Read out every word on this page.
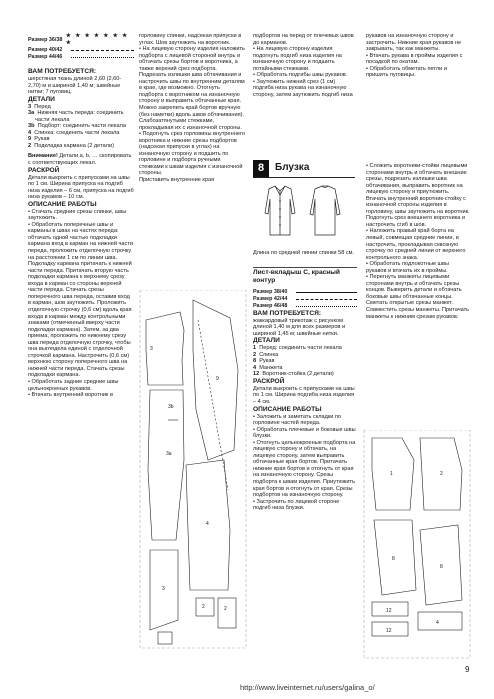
Размер 36/38
★ ★ ★ ★ ★ ★ ★ ★
Размер 40/42
Размер 44/46

ВАМ ПОТРЕБУЕТСЯ:

шерстяная ткань длиной 2,60 (2,60-2,70) м и шириной 1,40 м; швейные нитки; 7 пуговиц.

ДЕТАЛИ

3 Перед

3a Нижняя часть переда: соединить части лекала

3b Подборт: соединить части лекала

4 Спинка: соединить части лекала

9 Рукав

2 Подкладка кармана (2 детали)

Внимание! Детали а, b, … скопировать с соответствующих лекал.

РАСКРОЙ

Детали выкроить с припусками на швы по 1 см. Ширина припуска на подгиб низа изделия – 6 см, припуска на подгиб низа рукавов – 10 см.

ОПИСАНИЕ РАБОТЫ

• Стачать средние срезы спинки, швы заутюжить.

• Обработать поперечные швы и карманы в швах на частях переда: обтачать одной частью подкладки кармана вход в карман на нижней части переда, проложить отделочную строчку на расстоянии 1 см по линии шва. Подкладку кармана притачать к нижней части переда. Притачать вторую часть подкладки кармана к верхнему срезу входа в карман со стороны верхней части переда. Стачать срезы поперечного шва переда, оставив вход в карман, шов заутюжить. Проложить отделочную строчку (0,6 см) вдоль края входа в карман между контрольными знаками (отмеченный вверху части подкладки кармана). Затем, за два приема, проложить по нижнему срезу шва переда отделочную строчку, чтобы она выглядела единой с отделочной строчкой кармана. Настрочить (0,6 см) верхнюю сторону поперечного шва на нижней части переда. Стачать срезы подкладки кармана.

• Обработать задние средние швы цельнокроеных рукавов.

• Втачать внутренний воротник в

горловину спинки, надсекая припуски в углах. Шов заутюжить на воротник.

• На лицевую сторону изделия наложить подборта с лицевой стороной внутрь и обтачать срезы бортов и воротника, а также верхний срез подборта. Подрезать излишки шва обтачивания и настрочить швы по внутренним деталям в крае, где возможно. Отогнуть подборта с воротником на изнаночную сторону и выправить обтачанные края. Можно закрепить край бортов вручную (без наметки) вдоль швов обтачивания). Слабозатянутыми стежками, прокладывая их с изнаночной стороны.

• Подогнуть срез горловины внутреннего воротника и нижние срезы подбортов (надсекая припуски в углах) на изнаночную сторону и подшить по горловине и подборта ручными стежками к швам изделия с изнаночной стороны.

Приставить внутренние края

подбортов на перед от плечевых швов до карманов.

• На лицевую сторону изделия подогнуть подгиб низа изделия на изнаночную сторону и подшить потайными стежками.

• Обработать подгибы швы рукавов.

• Заутюжить нижний срез (1 см) подгиба низа рукава на изнаночную сторону, затем заутюжить подгиб низа

8	Блузка

Длина по средней линии спинки 58 см.

Лист-вкладыш С, красный контур

Размер 38/40
Размер 42/44
Размер 46/48

ВАМ ПОТРЕБУЕТСЯ:

жаккардовый трикотаж с рисунком длиной 1,40 м для всех размеров и шириной 1,45 м; швейные нитки.

ДЕТАЛИ

1 Перед: соединить части лекала

2 Спинка

8 Рукав

4 Манжета

12 Воротник-стойка (2 детали)

РАСКРОЙ

Детали выкроить с припусками на швы по 1 см. Ширина подгиба низа изделия – 4 см.

ОПИСАНИЕ РАБОТЫ

• Заложить и заметать складки по горловине частей переда.

• Обработать плечевые и боковые швы блузки.

• Отогнуть цельнокроеные подборта на лицевую сторону и обтачать, на лицевую сторону, затем выправить обтачанные края бортов. Притачать нижние края бортов и отогнуть от края на изнаночную сторону. Срезы подборта к швам изделия. Приутюжить края бортов и отогнуть от края. Срезы подбортов на изнаночную сторону.

• Застрочить по лицевой стороне подгиб низа блузки.

рукавов на изнаночную сторону и застрочить. Нижние края рукавов не закрывать, так как манжеты.

• Втачать рукава в проймы изделия с посадкой по окатам.

• Обработать обметать петли и пришить пуговицы.

• Сложить воротники-стойки лицевыми сторонами внутрь и обтачать внешние срезы, подрезать излишки шва обтачивания, выправить воротник на лицевую сторону и приутюжить.

Втачать внутренний воротник-стойку с изнаночной стороны изделия в горловину, швы заутюжить на воротник. Подогнуть срез внешнего воротника и настрочить сгиб в шов.

• Наложить правый край борта на левый, совмещая средние линии, и настрочить, прокладывая сквозную строчку по средней линии от верхнего контрольного знака.

• Обработать подлокотные швы рукавов и втачать их в проймы.

• Перегнуть манжеты лицевыми сторонами внутрь и обтачать срезы концов. Выверить детали и обтачать боковые швы обтачанные концы. Сметать открытые срезы манжет. Совместить срезы манжеты. Притачать манжеты к нижним срезам рукавов.

3
3a
3b
9
4
2	2
3
1	2
8
8
12
12
4
9
http://www.liveinternet.ru/users/galina_o/
